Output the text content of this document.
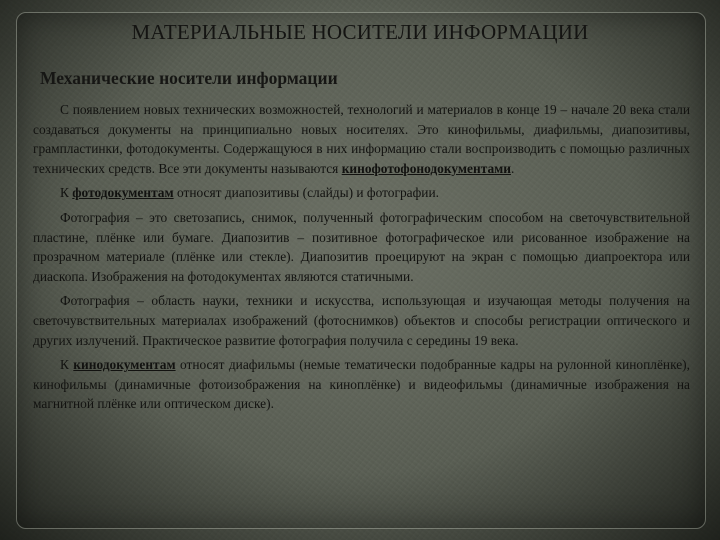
МАТЕРИАЛЬНЫЕ НОСИТЕЛИ ИНФОРМАЦИИ
Механические носители информации

С появлением новых технических возможностей, технологий и материалов в конце 19 – начале 20 века стали создаваться документы на принципиально новых носителях. Это кинофильмы, диафильмы, диапозитивы, грампластинки, фотодокументы. Содержащуюся в них информацию стали воспроизводить с помощью различных технических средств. Все эти документы называются кинофотофонодокументами.

К фотодокументам относят диапозитивы (слайды) и фотографии.

Фотография – это светозапись, снимок, полученный фотографическим способом на светочувствительной пластине, плёнке или бумаге. Диапозитив – позитивное фотографическое или рисованное изображение на прозрачном материале (плёнке или стекле). Диапозитив проецируют на экран с помощью диапроектора или диаскопа. Изображения на фотодокументах являются статичными.

Фотография – область науки, техники и искусства, использующая и изучающая методы получения на светочувствительных материалах изображений (фотоснимков) объектов и способы регистрации оптического и других излучений. Практическое развитие фотография получила с середины 19 века.

К кинодокументам относят диафильмы (немые тематически подобранные кадры на рулонной киноплёнке), кинофильмы (динамичные фотоизображения на киноплёнке) и видеофильмы (динамичные изображения на магнитной плёнке или оптическом диске).
